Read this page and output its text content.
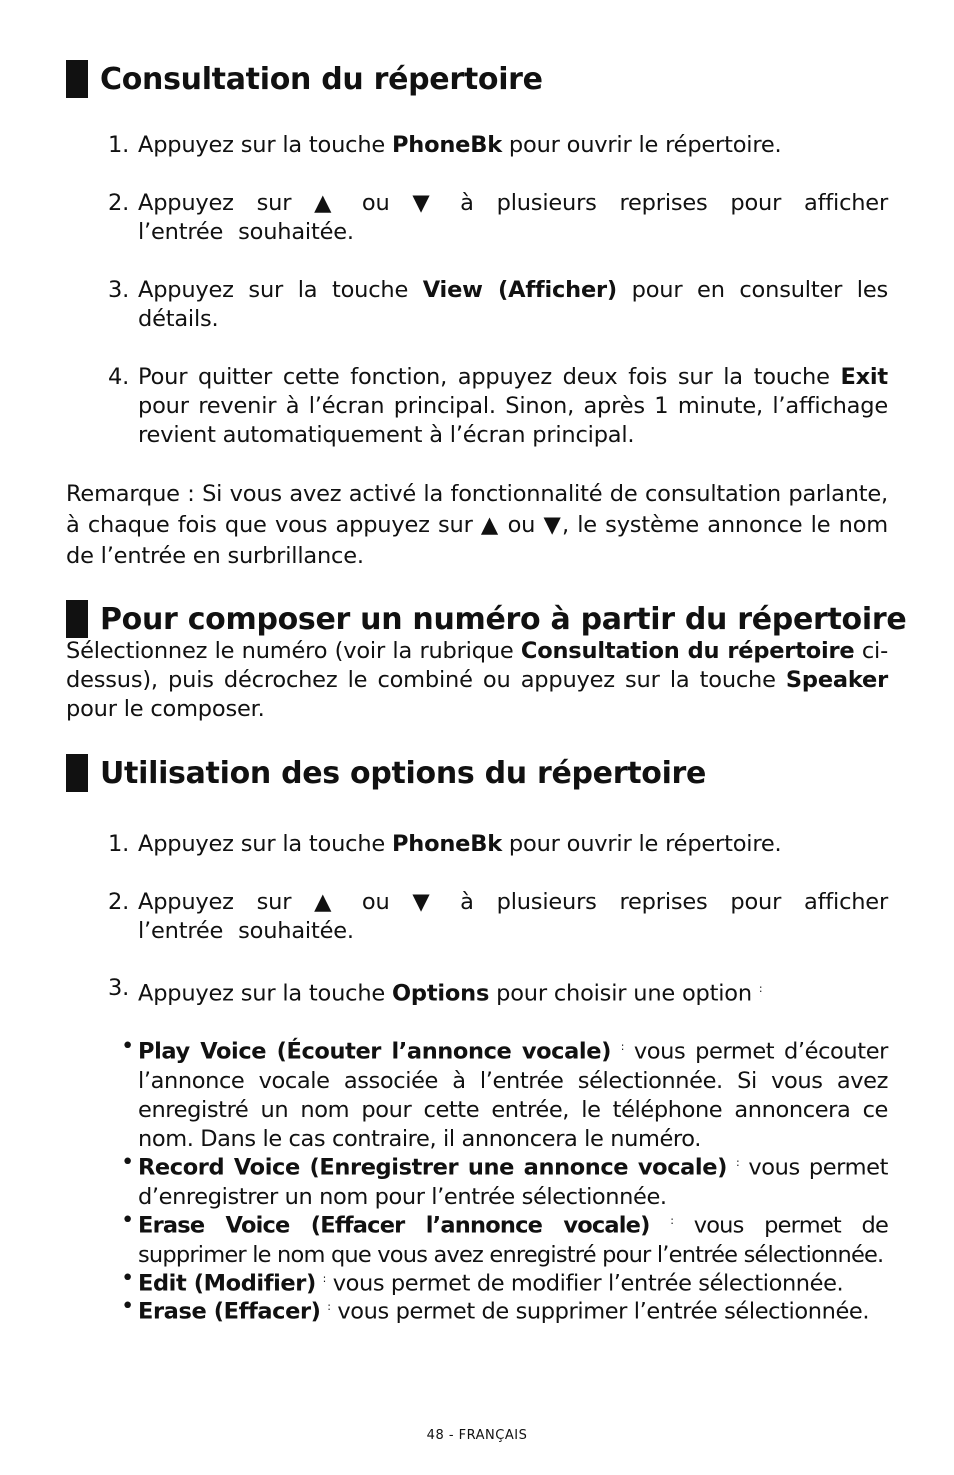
Consultation du répertoire
1. Appuyez sur la touche PhoneBk pour ouvrir le répertoire.
2. Appuyez sur ▲ ou ▼ à plusieurs reprises pour afficher l’entrée souhaitée.
3. Appuyez sur la touche View (Afficher) pour en consulter les détails.
4. Pour quitter cette fonction, appuyez deux fois sur la touche Exit pour revenir à l’écran principal. Sinon, après 1 minute, l’affichage revient automatiquement à l’écran principal.
Remarque : Si vous avez activé la fonctionnalité de consultation parlante, à chaque fois que vous appuyez sur ▲ ou ▼, le système annonce le nom de l’entrée en surbrillance.
Pour composer un numéro à partir du répertoire
Sélectionnez le numéro (voir la rubrique Consultation du répertoire ci-dessus), puis décrochez le combiné ou appuyez sur la touche Speaker pour le composer.
Utilisation des options du répertoire
1. Appuyez sur la touche PhoneBk pour ouvrir le répertoire.
2. Appuyez sur ▲ ou ▼ à plusieurs reprises pour afficher l’entrée souhaitée.
3. Appuyez sur la touche Options pour choisir une option :
• Play Voice (Écouter l’annonce vocale) : vous permet d’écouter l’annonce vocale associée à l’entrée sélectionnée. Si vous avez enregistré un nom pour cette entrée, le téléphone annoncera ce nom. Dans le cas contraire, il annoncera le numéro.
• Record Voice (Enregistrer une annonce vocale) : vous permet d’enregistrer un nom pour l’entrée sélectionnée.
• Erase Voice (Effacer l’annonce vocale) : vous permet de supprimer le nom que vous avez enregistré pour l’entrée sélectionnée.
• Edit (Modifier) : vous permet de modifier l’entrée sélectionnée.
• Erase (Effacer) : vous permet de supprimer l’entrée sélectionnée.
48 - FRANÇAIS
